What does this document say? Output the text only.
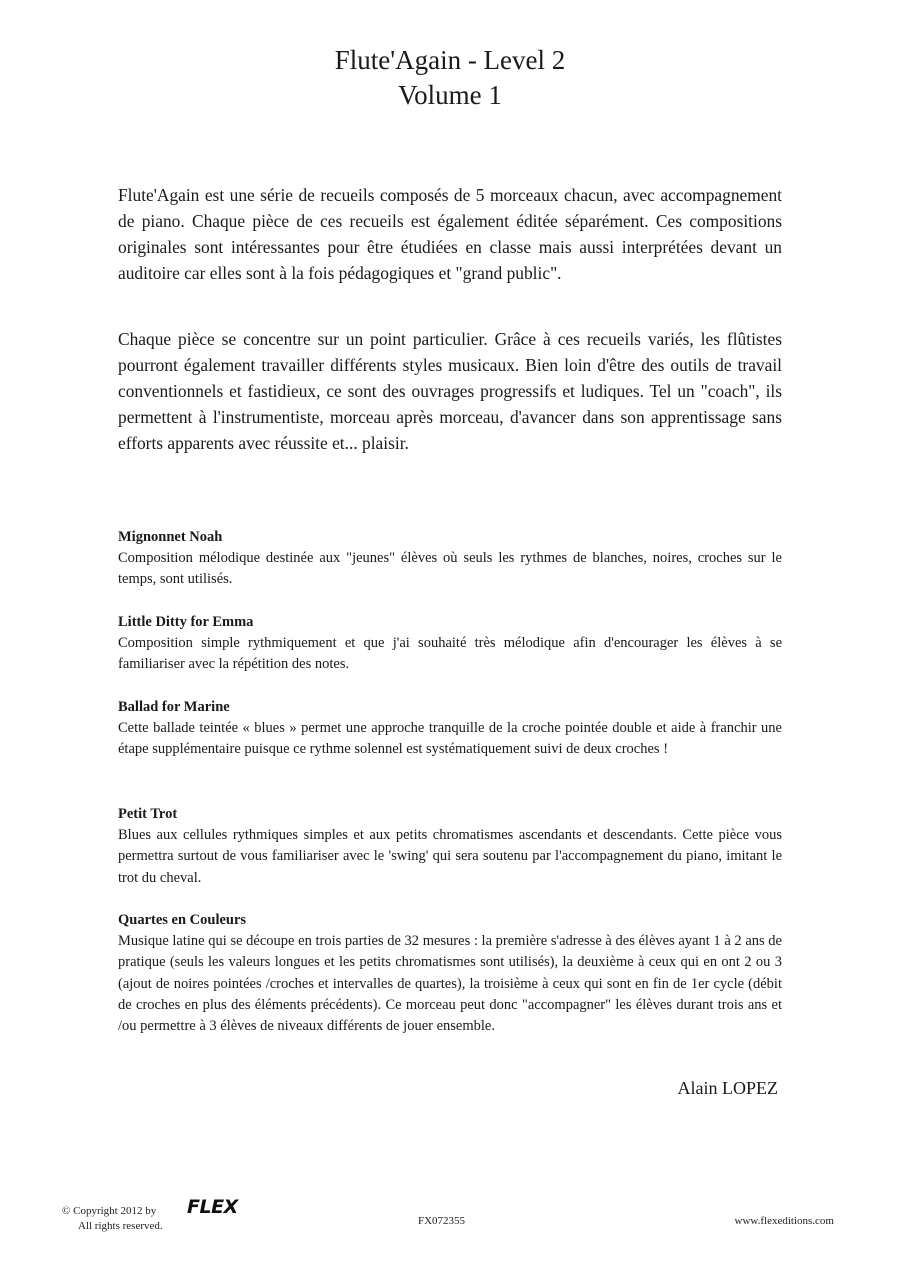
Flute'Again - Level 2
Volume 1

Flute'Again est une série de recueils composés de 5 morceaux chacun, avec accompagnement de piano. Chaque pièce de ces recueils est également éditée séparément. Ces compositions originales sont intéressantes pour être étudiées en classe mais aussi interprétées devant un auditoire car elles sont à la fois pédagogiques et "grand public".

Chaque pièce se concentre sur un point particulier. Grâce à ces recueils variés, les flûtistes pourront également travailler différents styles musicaux. Bien loin d'être des outils de travail conventionnels et fastidieux, ce sont des ouvrages progressifs et ludiques. Tel un "coach", ils permettent à l'instrumentiste, morceau après morceau, d'avancer dans son apprentissage sans efforts apparents avec réussite et... plaisir.

Mignonnet Noah

Composition mélodique destinée aux "jeunes" élèves où seuls les rythmes de blanches, noires, croches sur le temps, sont utilisés.

Little Ditty for Emma

Composition simple rythmiquement et que j'ai souhaité très mélodique afin d'encourager les élèves à se familiariser avec la répétition des notes.

Ballad for Marine

Cette ballade teintée « blues » permet une approche tranquille de la croche pointée double et aide à franchir une étape supplémentaire puisque ce rythme solennel est systématiquement suivi de deux croches !

Petit Trot

Blues aux cellules rythmiques simples et aux petits chromatismes ascendants et descendants. Cette pièce vous permettra surtout de vous familiariser avec le 'swing' qui sera soutenu par l'accompagnement du piano, imitant le trot du cheval.

Quartes en Couleurs

Musique latine qui se découpe en trois parties de 32 mesures : la première s'adresse à des élèves ayant 1 à 2 ans de pratique (seuls les valeurs longues et les petits chromatismes sont utilisés), la deuxième à ceux qui en ont 2 ou 3 (ajout de noires pointées /croches et intervalles de quartes), la troisième à ceux qui sont en fin de 1er cycle (débit de croches en plus des éléments précédents). Ce morceau peut donc "accompagner" les élèves durant trois ans et /ou permettre à 3 élèves de niveaux différents de jouer ensemble.

Alain LOPEZ
© Copyright 2012 by
All rights reserved.
FLEX
FX072355	www.flexeditions.com
